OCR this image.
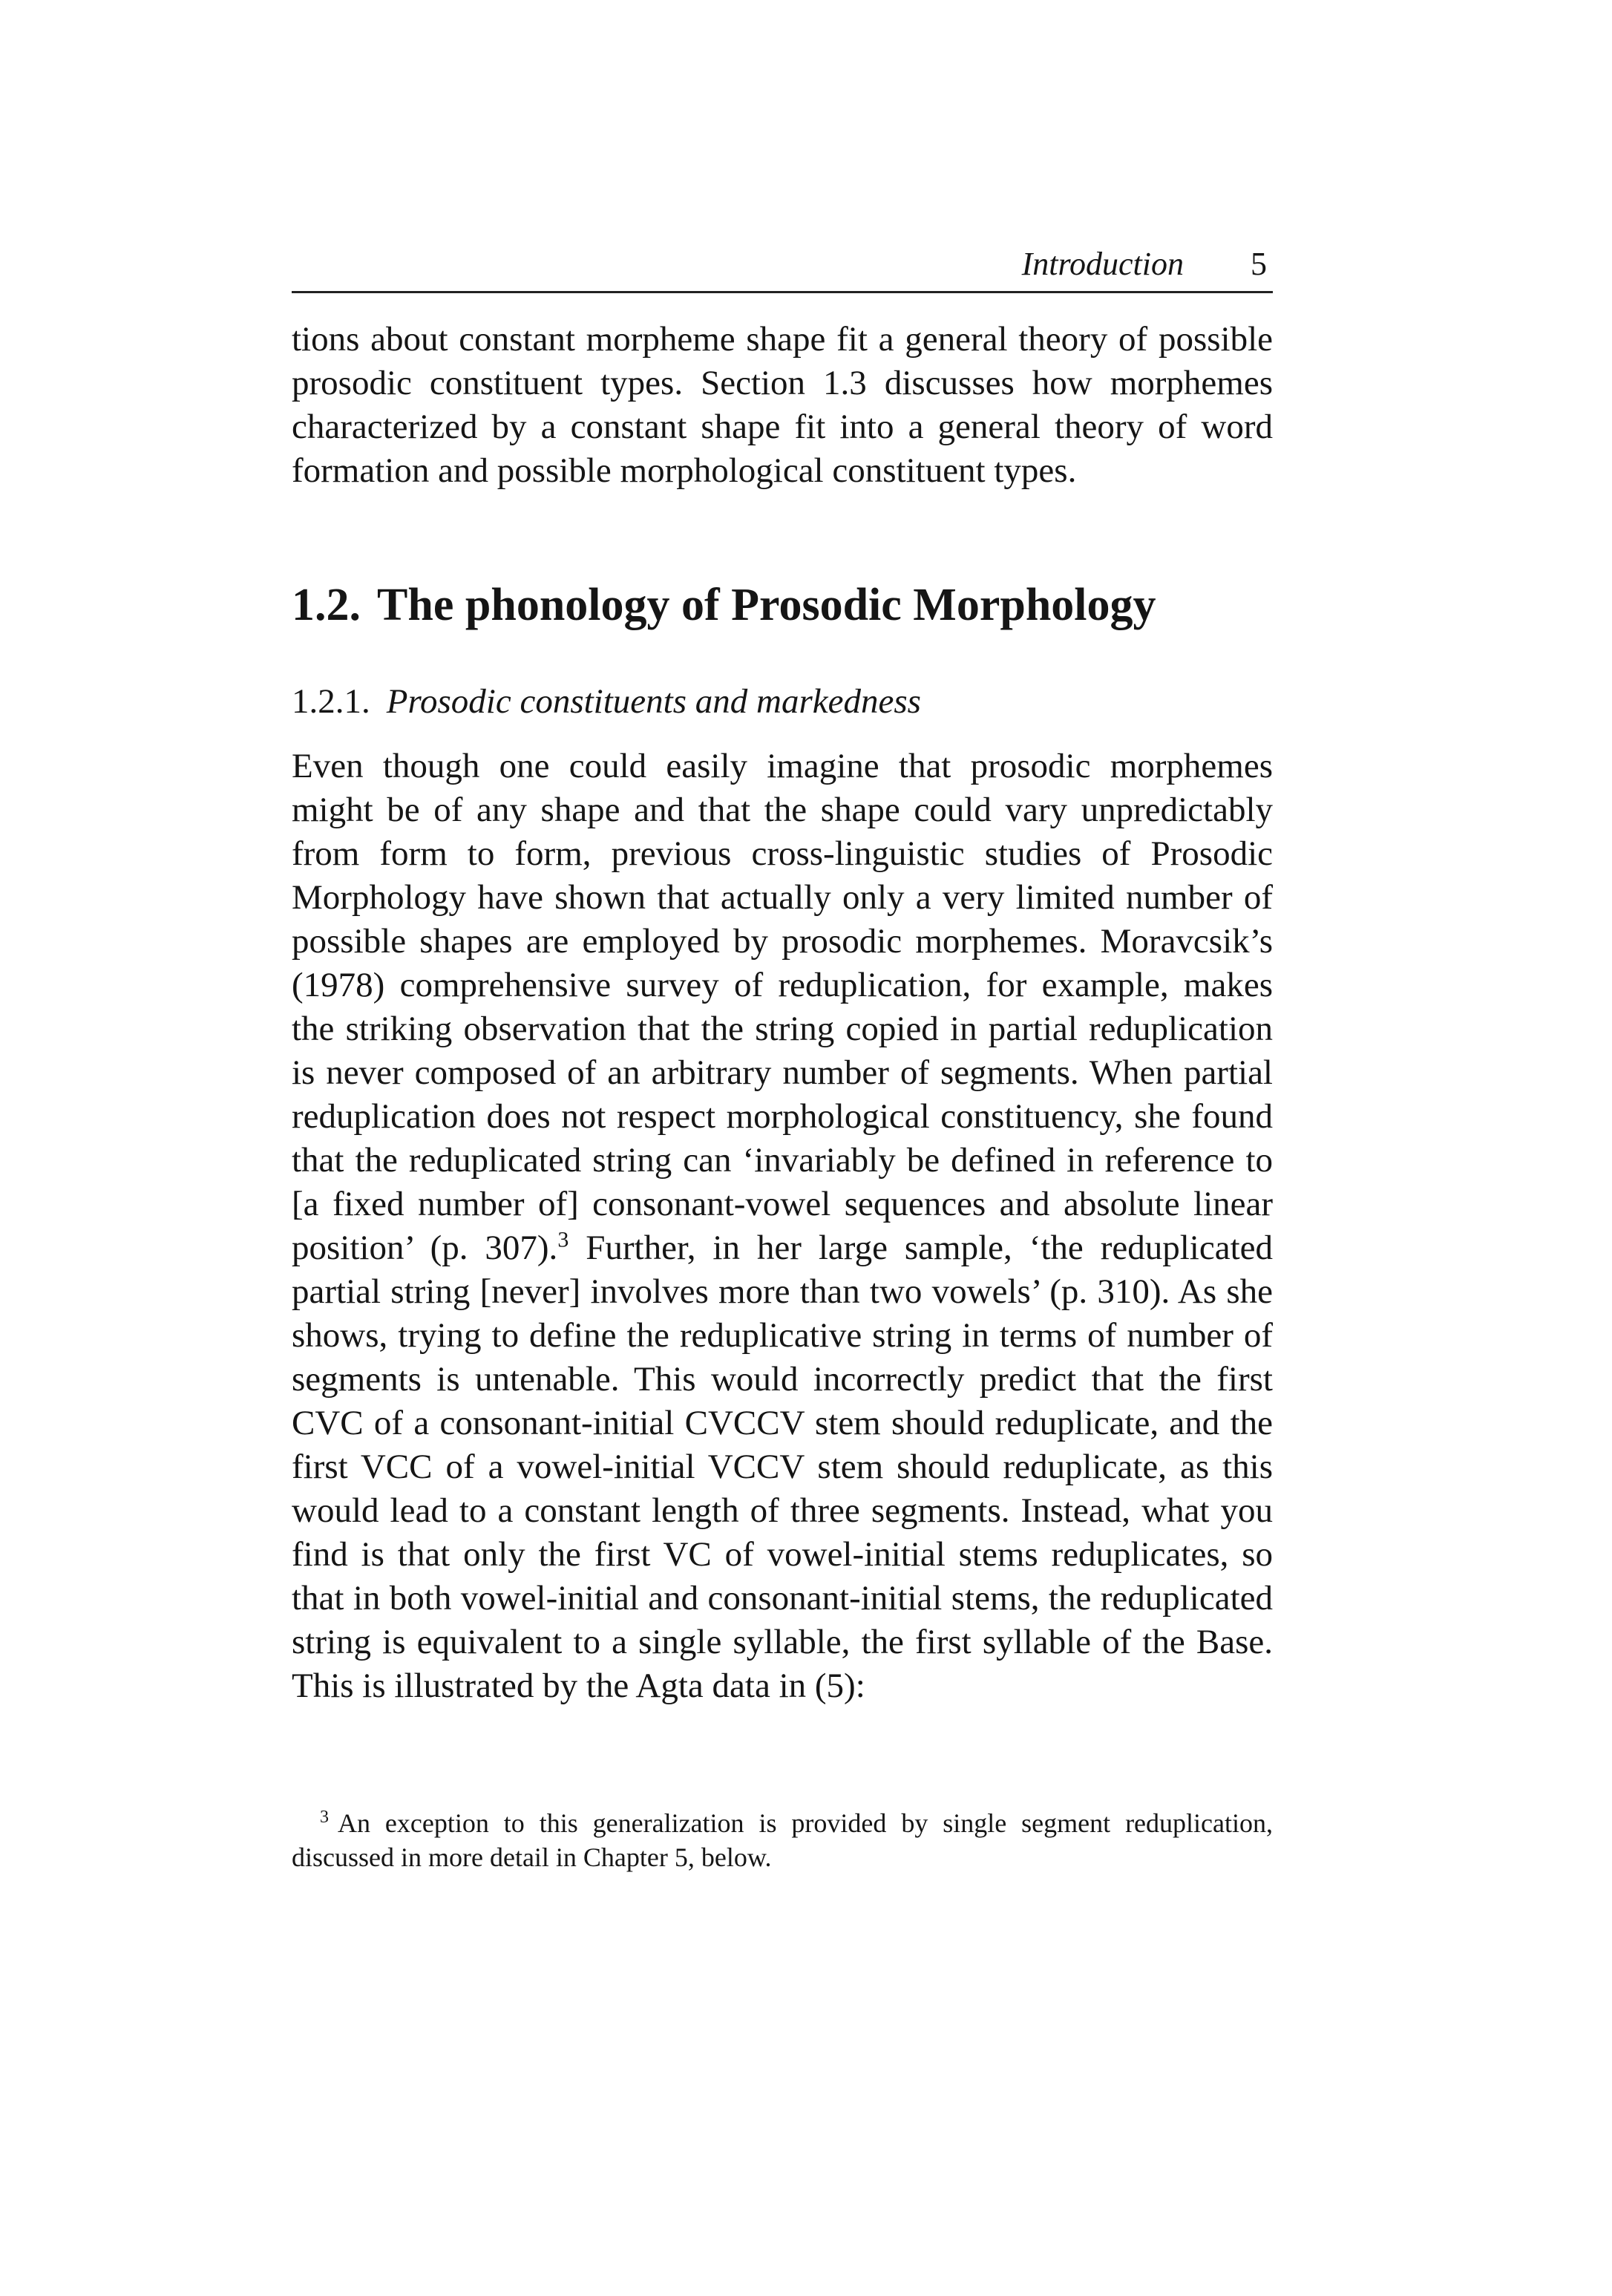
Introduction 5

tions about constant morpheme shape fit a general theory of possible prosodic constituent types. Section 1.3 discusses how morphemes characterized by a constant shape fit into a general theory of word formation and possible morphological constituent types.

1.2. The phonology of Prosodic Morphology
1.2.1. Prosodic constituents and markedness

Even though one could easily imagine that prosodic morphemes might be of any shape and that the shape could vary unpredictably from form to form, previous cross-linguistic studies of Prosodic Morphology have shown that actually only a very limited number of possible shapes are employed by prosodic morphemes. Moravcsik’s (1978) comprehensive survey of reduplication, for example, makes the striking observation that the string copied in partial reduplication is never composed of an arbitrary number of segments. When partial reduplication does not respect morphological constituency, she found that the reduplicated string can ‘invariably be defined in reference to [a fixed number of] consonant-vowel sequences and absolute linear position’ (p. 307).$^3$ Further, in her large sample, ‘the reduplicated partial string [never] involves more than two vowels’ (p. 310). As she shows, trying to define the reduplicative string in terms of number of segments is untenable. This would incorrectly predict that the first CVC of a consonant-initial CVCCV stem should reduplicate, and the first VCC of a vowel-initial VCCV stem should reduplicate, as this would lead to a constant length of three segments. Instead, what you find is that only the first VC of vowel-initial stems reduplicates, so that in both vowel-initial and consonant-initial stems, the reduplicated string is equivalent to a single syllable, the first syllable of the Base. This is illustrated by the Agta data in (5):

$^3$ An exception to this generalization is provided by single segment reduplication, discussed in more detail in Chapter 5, below.
